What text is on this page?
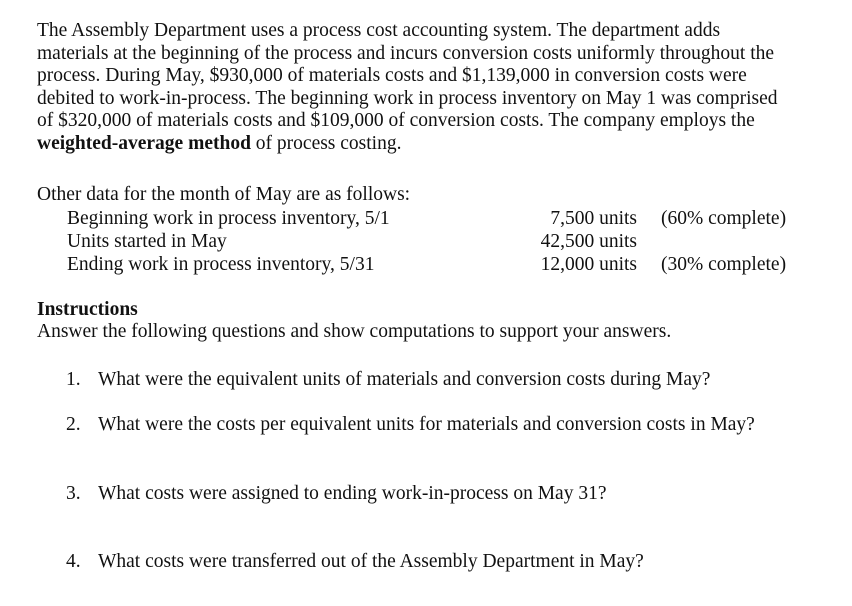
The Assembly Department uses a process cost accounting system. The department adds
materials at the beginning of the process and incurs conversion costs uniformly throughout the
process. During May, $930,000 of materials costs and $1,139,000 in conversion costs were
debited to work-in-process. The beginning work in process inventory on May 1 was comprised
of $320,000 of materials costs and $109,000 of conversion costs. The company employs the
weighted-average method of process costing.
Other data for the month of May are as follows:
Beginning work in process inventory, 5/1	7,500 units (60% complete)
Units started in May	42,500 units
Ending work in process inventory, 5/31	12,000 units (30% complete)
Instructions
Answer the following questions and show computations to support your answers.
1. What were the equivalent units of materials and conversion costs during May?
2. What were the costs per equivalent units for materials and conversion costs in May?
3. What costs were assigned to ending work-in-process on May 31?
4. What costs were transferred out of the Assembly Department in May?
